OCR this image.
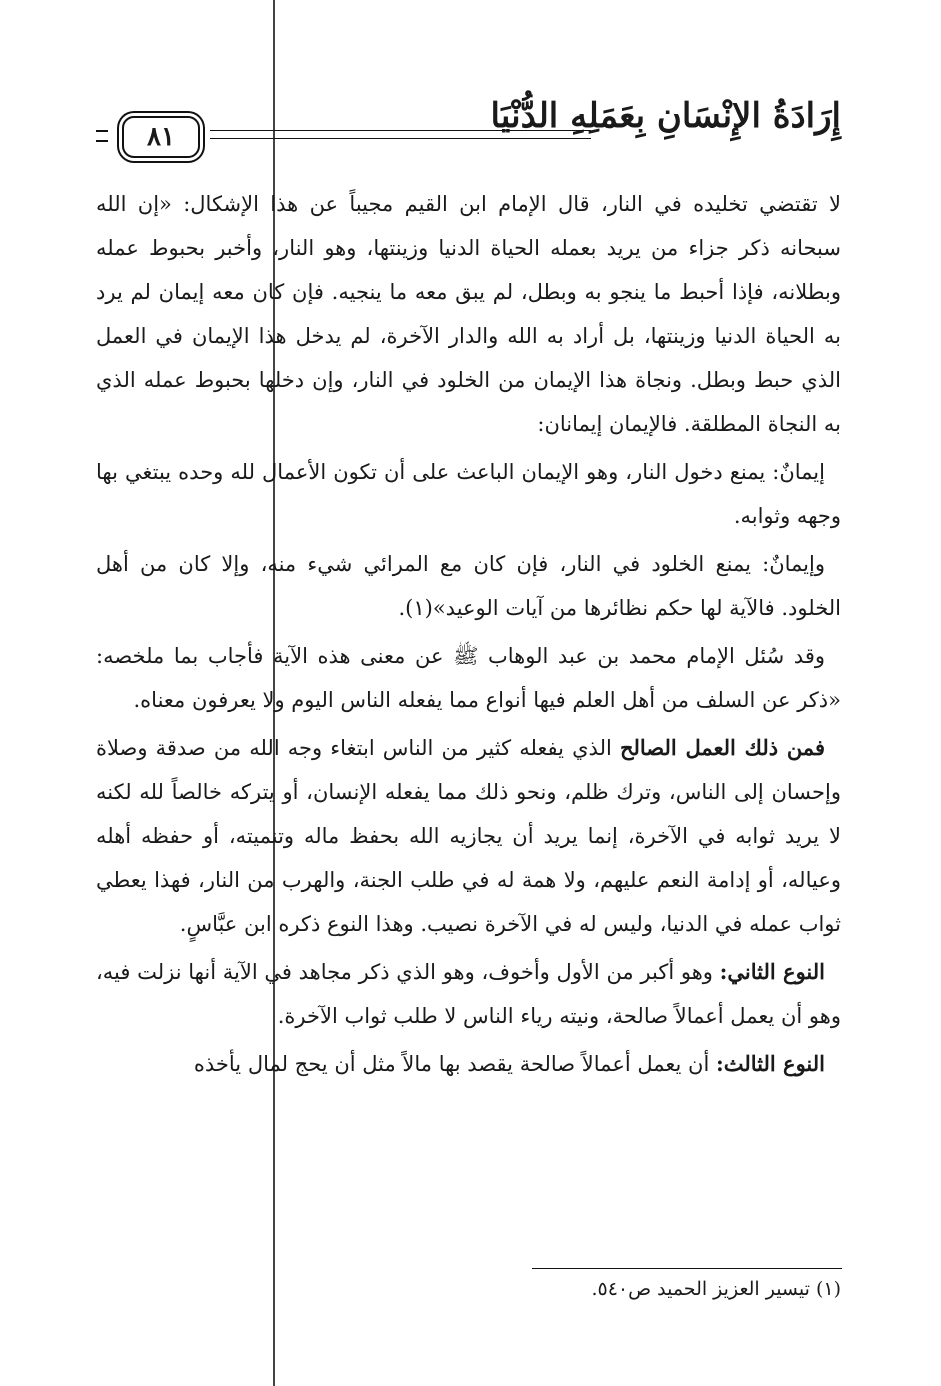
إِرَادَةُ الإِنْسَانِ بِعَمَلِهِ الدُّنْيَا
٨١

لا تقتضي تخليده في النار، قال الإمام ابن القيم مجيباً عن هذا الإشكال: «إن الله سبحانه ذكر جزاء من يريد بعمله الحياة الدنيا وزينتها، وهو النار، وأخبر بحبوط عمله وبطلانه، فإذا أحبط ما ينجو به وبطل، لم يبق معه ما ينجيه. فإن كان معه إيمان لم يرد به الحياة الدنيا وزينتها، بل أراد به الله والدار الآخرة، لم يدخل هذا الإيمان في العمل الذي حبط وبطل. ونجاة هذا الإيمان من الخلود في النار، وإن دخلها بحبوط عمله الذي به النجاة المطلقة. فالإيمان إيمانان:

إيمانٌ: يمنع دخول النار، وهو الإيمان الباعث على أن تكون الأعمال لله وحده يبتغي بها وجهه وثوابه.

وإيمانٌ: يمنع الخلود في النار، فإن كان مع المرائي شيء منه، وإلا كان من أهل الخلود. فالآية لها حكم نظائرها من آيات الوعيد»(١).

وقد سُئل الإمام محمد بن عبد الوهاب ﷺ عن معنى هذه الآية فأجاب بما ملخصه: «ذكر عن السلف من أهل العلم فيها أنواع مما يفعله الناس اليوم ولا يعرفون معناه.

فمن ذلك العمل الصالح الذي يفعله كثير من الناس ابتغاء وجه الله من صدقة وصلاة وإحسان إلى الناس، وترك ظلم، ونحو ذلك مما يفعله الإنسان، أو يتركه خالصاً لله لكنه لا يريد ثوابه في الآخرة، إنما يريد أن يجازيه الله بحفظ ماله وتنميته، أو حفظه أهله وعياله، أو إدامة النعم عليهم، ولا همة له في طلب الجنة، والهرب من النار، فهذا يعطي ثواب عمله في الدنيا، وليس له في الآخرة نصيب. وهذا النوع ذكره ابن عبَّاسٍ.

النوع الثاني: وهو أكبر من الأول وأخوف، وهو الذي ذكر مجاهد في الآية أنها نزلت فيه، وهو أن يعمل أعمالاً صالحة، ونيته رياء الناس لا طلب ثواب الآخرة.

النوع الثالث: أن يعمل أعمالاً صالحة يقصد بها مالاً مثل أن يحج لمال يأخذه

(١) تيسير العزيز الحميد ص٥٤٠.
